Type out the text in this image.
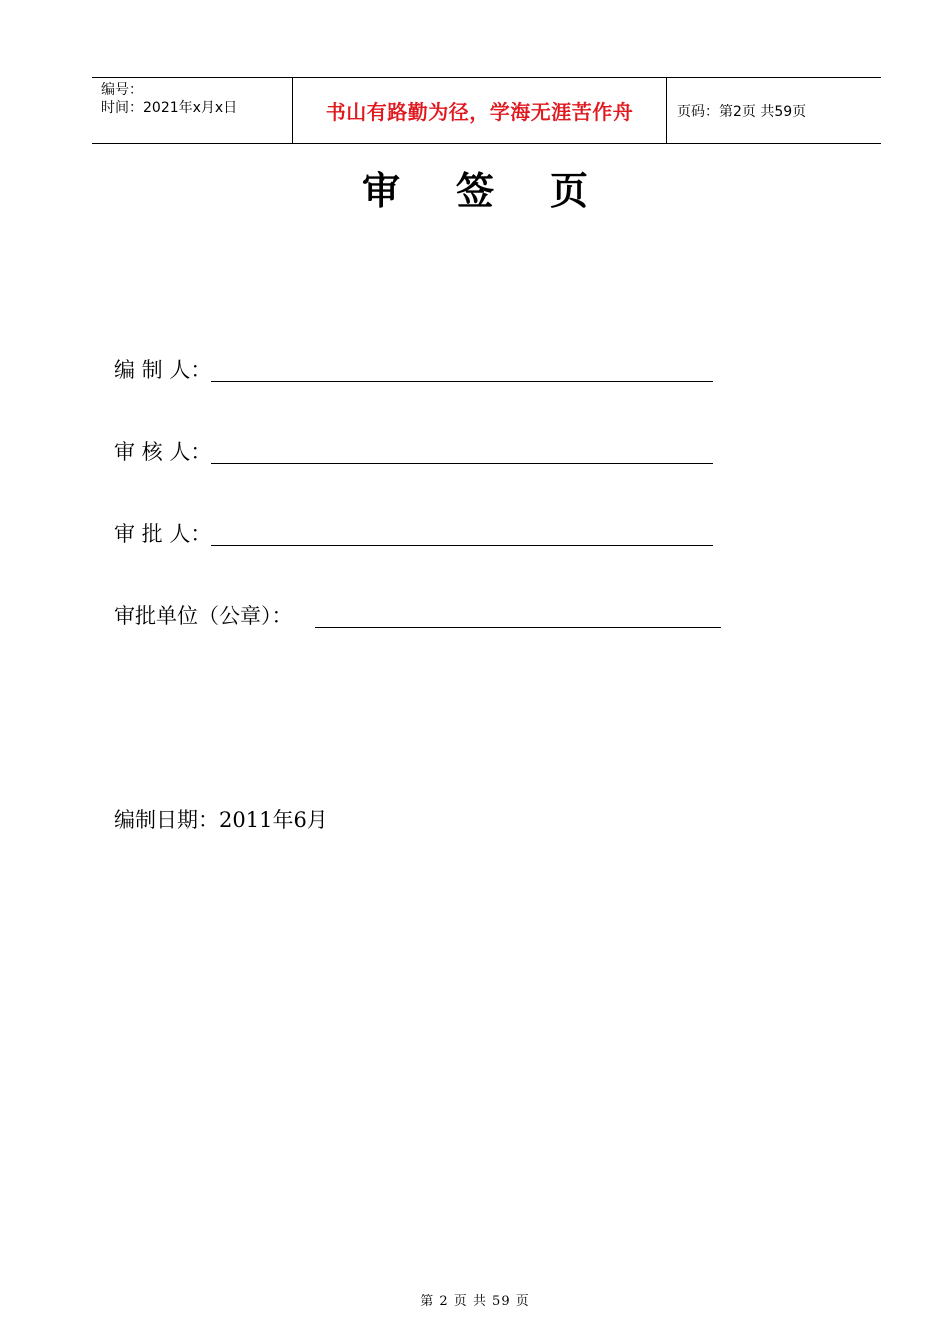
编号：
时间：2021年x月x日	书山有路勤为径，学海无涯苦作舟	页码：第2页 共59页
审签页
编 制 人：
审 核 人：
审 批 人：
审批单位（公章）：
编制日期：2011年6月
第 2 页 共 59 页
